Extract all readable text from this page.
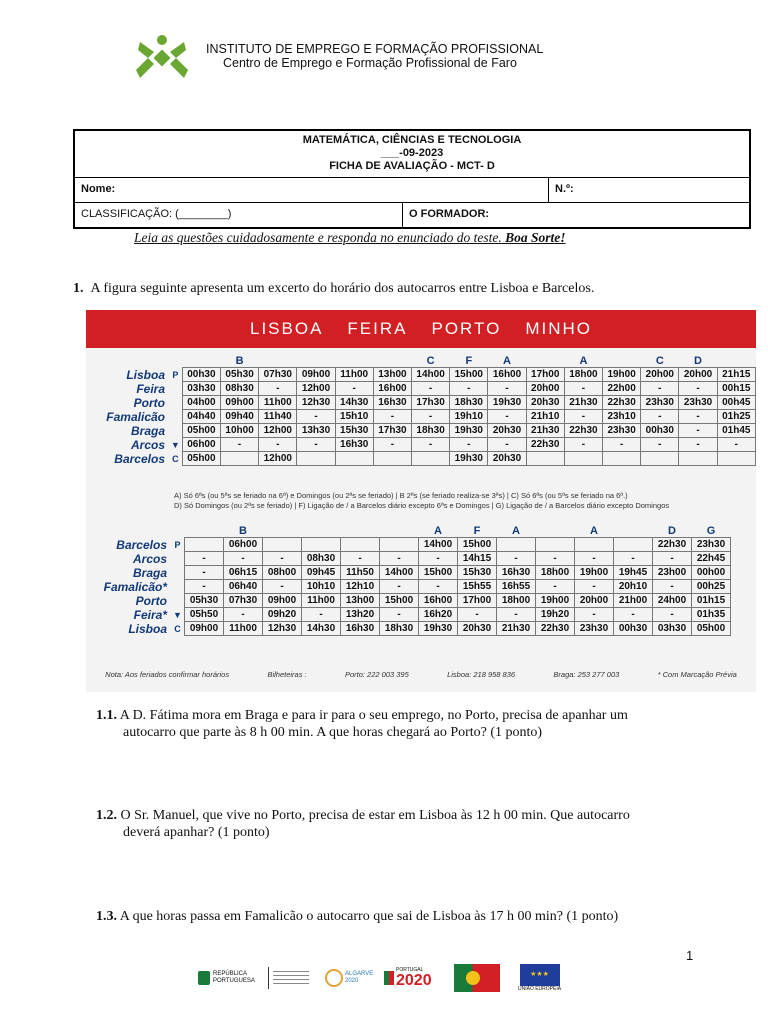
INSTITUTO DE EMPREGO E FORMAÇÃO PROFISSIONAL
Centro de Emprego e Formação Profissional de Faro
MATEMÁTICA, CIÊNCIAS E TECNOLOGIA
___-09-2023
FICHA DE AVALIAÇÃO - MCT- D
Nome:	N.º:
CLASSIFICAÇÃO: (________)	O FORMADOR:
Leia as questões cuidadosamente e responda no enunciado do teste. Boa Sorte!
1. A figura seguinte apresenta um excerto do horário dos autocarros entre Lisboa e Barcelos.
LISBOA FEIRA PORTO MINHO
			B					C	F	A		A		C	D	
Lisboa	P	00h30	05h30	07h30	09h00	11h00	13h00	14h00	15h00	16h00	17h00	18h00	19h00	20h00	20h00	21h15
Feira		03h30	08h30	-	12h00	-	16h00	-	-	-	20h00	-	22h00	-	-	00h15
Porto		04h00	09h00	11h00	12h30	14h30	16h30	17h30	18h30	19h30	20h30	21h30	22h30	23h30	23h30	00h45
Famalicão		04h40	09h40	11h40	-	15h10	-	-	19h10	-	21h10	-	23h10	-	-	01h25
Braga		05h00	10h00	12h00	13h30	15h30	17h30	18h30	19h30	20h30	21h30	22h30	23h30	00h30	-	01h45
Arcos	▼	06h00	-	-	-	16h30	-	-	-	-	22h30	-	-	-	-	-
Barcelos	C	05h00		12h00					19h30	20h30						
A) Só 6ªs (ou 5ªs se feriado na 6ª) e Domingos (ou 2ªs se feriado) | B 2ªs (se feriado realiza-se 3ªs) | C) Só 6ªs (ou 5ªs se feriado na 6ª.)
D) Só Domingos (ou 2ªs se feriado) | F) Ligação de / a Barcelos diário excepto 6ªs e Domingos | G) Ligação de / a Barcelos diário excepto Domingos
			B					A	F	A		A		D	G
Barcelos	P		06h00					14h00	15h00					22h30	23h30
Arcos		-	-	-	08h30	-	-	-	14h15	-	-	-	-	-	22h45
Braga		-	06h15	08h00	09h45	11h50	14h00	15h00	15h30	16h30	18h00	19h00	19h45	23h00	00h00
Famalicão*		-	06h40	-	10h10	12h10	-	-	15h55	16h55	-	-	20h10	-	00h25
Porto		05h30	07h30	09h00	11h00	13h00	15h00	16h00	17h00	18h00	19h00	20h00	21h00	24h00	01h15
Feira*	▼	05h50	-	09h20	-	13h20	-	16h20	-	-	19h20	-	-	-	01h35
Lisboa	C	09h00	11h00	12h30	14h30	16h30	18h30	19h30	20h30	21h30	22h30	23h30	00h30	03h30	05h00
Nota: Aos feriados confirmar horários	Bilheteiras :	Porto: 222 003 395	Lisboa: 218 958 836	Braga: 253 277 003	* Com Marcação Prévia
1.1. A D. Fátima mora em Braga e para ir para o seu emprego, no Porto, precisa de apanhar um
autocarro que parte às 8 h 00 min. A que horas chegará ao Porto? (1 ponto)
1.2. O Sr. Manuel, que vive no Porto, precisa de estar em Lisboa às 12 h 00 min. Que autocarro
deverá apanhar? (1 ponto)
1.3. A que horas passa em Famalicão o autocarro que sai de Lisboa às 17 h 00 min? (1 ponto)
1
REPÚBLICA PORTUGUESA
ALGARVE 2020
PORTUGAL
2020	★★★
UNIÃO EUROPEIA
